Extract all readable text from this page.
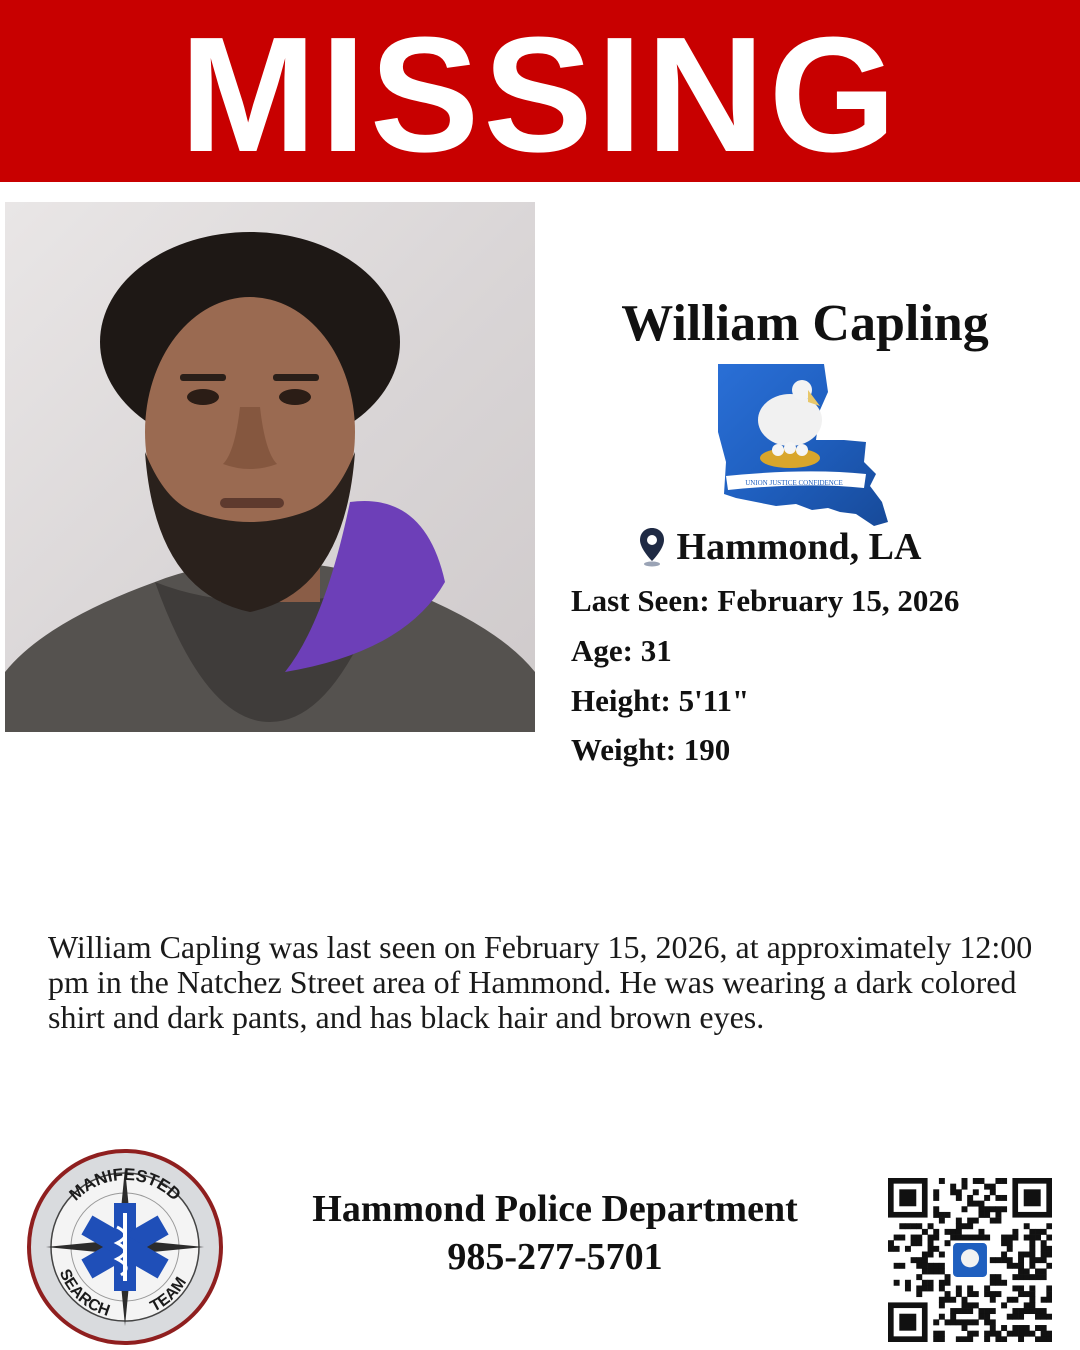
MISSING
William Capling
UNION JUSTICE CONFIDENCE
Hammond, LA
Last Seen: February 15, 2026
Age: 31
Height: 5'11"
Weight: 190
William Capling was last seen on February 15, 2026, at approximately 12:00 pm in the Natchez Street area of Hammond. He was wearing a dark colored shirt and dark pants, and has black hair and brown eyes.
MANIFESTED
SEARCH TEAM
Hammond Police Department
985-277-5701
